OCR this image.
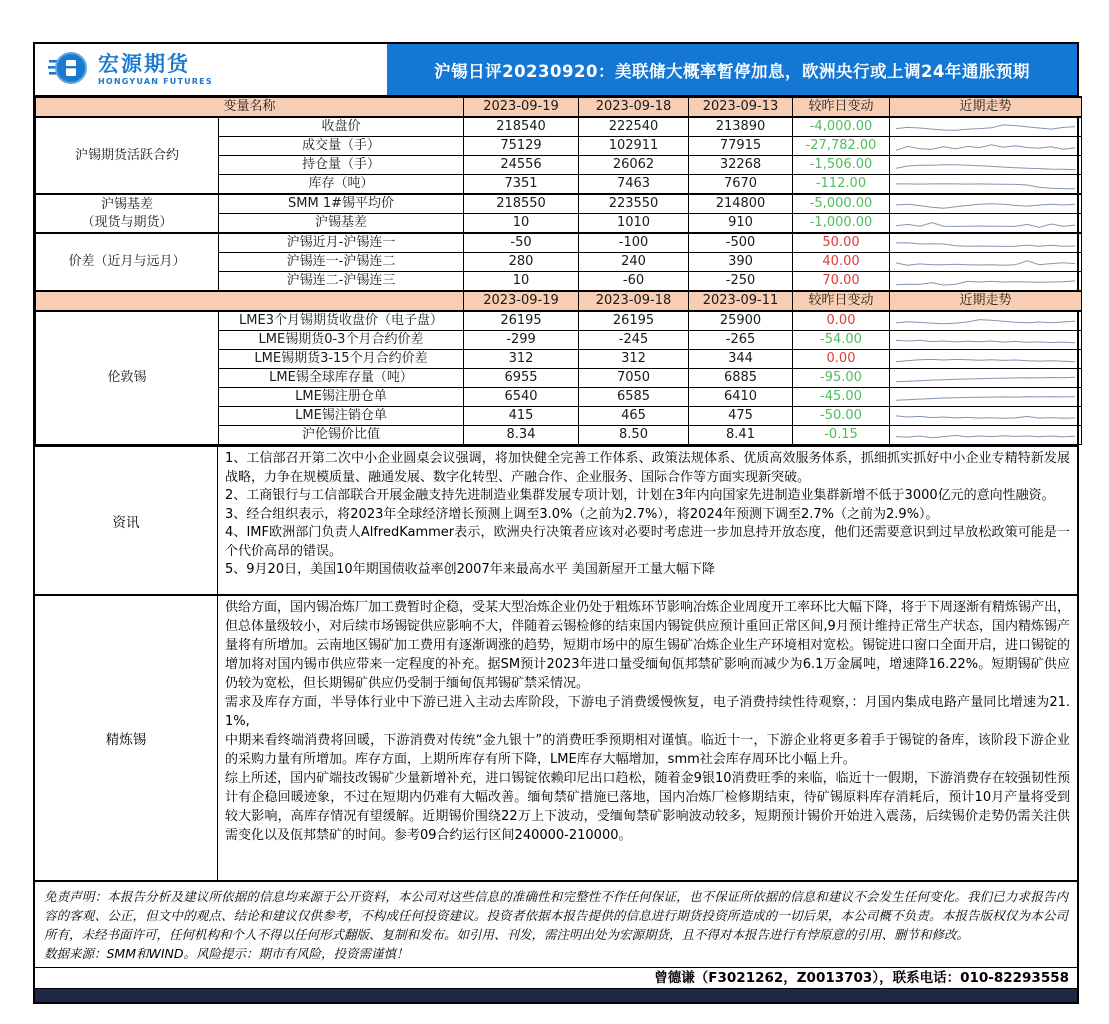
宏源期货
HONGYUAN FUTURES
沪锡日评20230920：美联储大概率暂停加息，欧洲央行或上调24年通胀预期
变量名称		2023-09-19	2023-09-18	2023-09-13	较昨日变动	近期走势
沪锡期货活跃合约	收盘价	218540	222540	213890	-4,000.00	

	成交量（手）	75129	102911	77915	-27,782.00	

	持仓量（手）	24556	26062	32268	-1,506.00	

	库存（吨）	7351	7463	7670	-112.00	

沪锡基差
（现货与期货）	SMM 1#锡平均价	218550	223550	214800	-5,000.00	

	沪锡基差	10	1010	910	-1,000.00	

价差（近月与远月）	沪锡近月-沪锡连一	-50	-100	-500	50.00	

	沪锡连一-沪锡连二	280	240	390	40.00	

	沪锡连二-沪锡连三	10	-60	-250	70.00	

		2023-09-19	2023-09-18	2023-09-11	较昨日变动	近期走势
伦敦锡	LME3个月锡期货收盘价（电子盘）	26195	26195	25900	0.00	

	LME锡期货0-3个月合约价差	-299	-245	-265	-54.00	

	LME锡期货3-15个月合约价差	312	312	344	0.00	

	LME锡全球库存量（吨）	6955	7050	6885	-95.00	

	LME锡注册仓单	6540	6585	6410	-45.00	

	LME锡注销仓单	415	465	475	-50.00	

	沪伦锡价比值	8.34	8.50	8.41	-0.15	
资讯
1、工信部召开第二次中小企业圆桌会议强调，将加快健全完善工作体系、政策法规体系、优质高效服务体系，抓细抓实抓好中小企业专精特新发展战略，力争在规模质量、融通发展、数字化转型、产融合作、企业服务、国际合作等方面实现新突破。
2、工商银行与工信部联合开展金融支持先进制造业集群发展专项计划，计划在3年内向国家先进制造业集群新增不低于3000亿元的意向性融资。
3、经合组织表示，将2023年全球经济增长预测上调至3.0%（之前为2.7%），将2024年预测下调至2.7%（之前为2.9%）。
4、IMF欧洲部门负责人AlfredKammer表示，欧洲央行决策者应该对必要时考虑进一步加息持开放态度，他们还需要意识到过早放松政策可能是一个代价高昂的错误。
5、9月20日，美国10年期国债收益率创2007年来最高水平 美国新屋开工量大幅下降
精炼锡
供给方面，国内锡冶炼厂加工费暂时企稳，受某大型冶炼企业仍处于粗炼环节影响冶炼企业周度开工率环比大幅下降，将于下周逐渐有精炼锡产出，但总体量级较小，对后续市场锡锭供应影响不大，伴随着云锡检修的结束国内锡锭供应预计重回正常区间,9月预计维持正常生产状态，国内精炼锡产量将有所增加。云南地区锡矿加工费用有逐渐调涨的趋势，短期市场中的原生锡矿冶炼企业生产环境相对宽松。锡锭进口窗口全面开启，进口锡锭的增加将对国内锡市供应带来一定程度的补充。据SM预计2023年进口量受缅甸佤邦禁矿影响而减少为6.1万金属吨，增速降16.22%。短期锡矿供应仍较为宽松，但长期锡矿供应仍受制于缅甸佤邦锡矿禁采情况。
需求及库存方面，半导体行业中下游已进入主动去库阶段，下游电子消费缓慢恢复，电子消费持续性待观察，：月国内集成电路产量同比增速为21.1%,
中期来看终端消费将回暖，下游消费对传统“金九银十”的消费旺季预期相对谨慎。临近十一，下游企业将更多着手于锡锭的备库，该阶段下游企业的采购力量有所增加。库存方面，上期所库存有所下降，LME库存大幅增加，smm社会库存周环比小幅上升。
综上所述，国内矿端技改锡矿少量新增补充，进口锡锭依赖印尼出口趋松，随着金9银10消费旺季的来临，临近十一假期，下游消费存在较强韧性预计有企稳回暖迹象，不过在短期内仍难有大幅改善。缅甸禁矿措施已落地，国内冶炼厂检修期结束，待矿锡原料库存消耗后，预计10月产量将受到较大影响，高库存情况有望缓解。近期锡价围绕22万上下波动，受缅甸禁矿影响波动较多，短期预计锡价开始进入震荡，后续锡价走势仍需关注供需变化以及佤邦禁矿的时间。参考09合约运行区间240000-210000。
免责声明：本报告分析及建议所依据的信息均来源于公开资料，本公司对这些信息的准确性和完整性不作任何保证，也不保证所依据的信息和建议不会发生任何变化。我们已力求报告内容的客观、公正，但文中的观点、结论和建议仅供参考，不构成任何投资建议。投资者依据本报告提供的信息进行期货投资所造成的一切后果，本公司概不负责。本报告版权仅为本公司所有，未经书面许可，任何机构和个人不得以任何形式翻版、复制和发布。如引用、刊发，需注明出处为宏源期货，且不得对本报告进行有悖原意的引用、删节和修改。
数据来源：SMM和WIND。风险提示：期市有风险，投资需谨慎！
曾德谦（F3021262，Z0013703），联系电话：010-82293558
